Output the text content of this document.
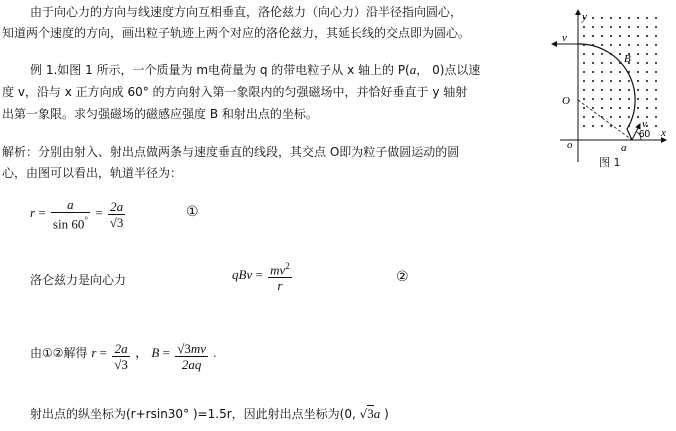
由于向心力的方向与线速度方向互相垂直，洛伦兹力（向心力）沿半径指向圆心，
知道两个速度的方向，画出粒子轨迹上两个对应的洛伦兹力，其延长线的交点即为圆心。
例 1.如图 1 所示，一个质量为 m电荷量为 q 的带电粒子从 x 轴上的 P(a， 0)点以速
度 v，沿与 x 正方向成 60° 的方向射入第一象限内的匀强磁场中，并恰好垂直于 y 轴射
出第一象限。求匀强磁场的磁感应强度 B 和射出点的坐标。
解析：分别由射入、射出点做两条与速度垂直的线段，其交点 O即为粒子做圆运动的圆
心，由图可以看出，轨道半径为：
$r = \frac{a}{\sin 60^\circ} = \frac{2a}{√3}$	①
洛仑兹力是向心力	qBv = $\frac{mv^2}{r}$	②
由①②解得 $r = \frac{2a}{√3}$ ， $B = \frac{√3mv}{2aq}$ .
射出点的纵坐标为(r+rsin30° )=1.5r，因此射出点坐标为(0, √3a )
y
x
v
B
O
o	a
v
60
图 1
